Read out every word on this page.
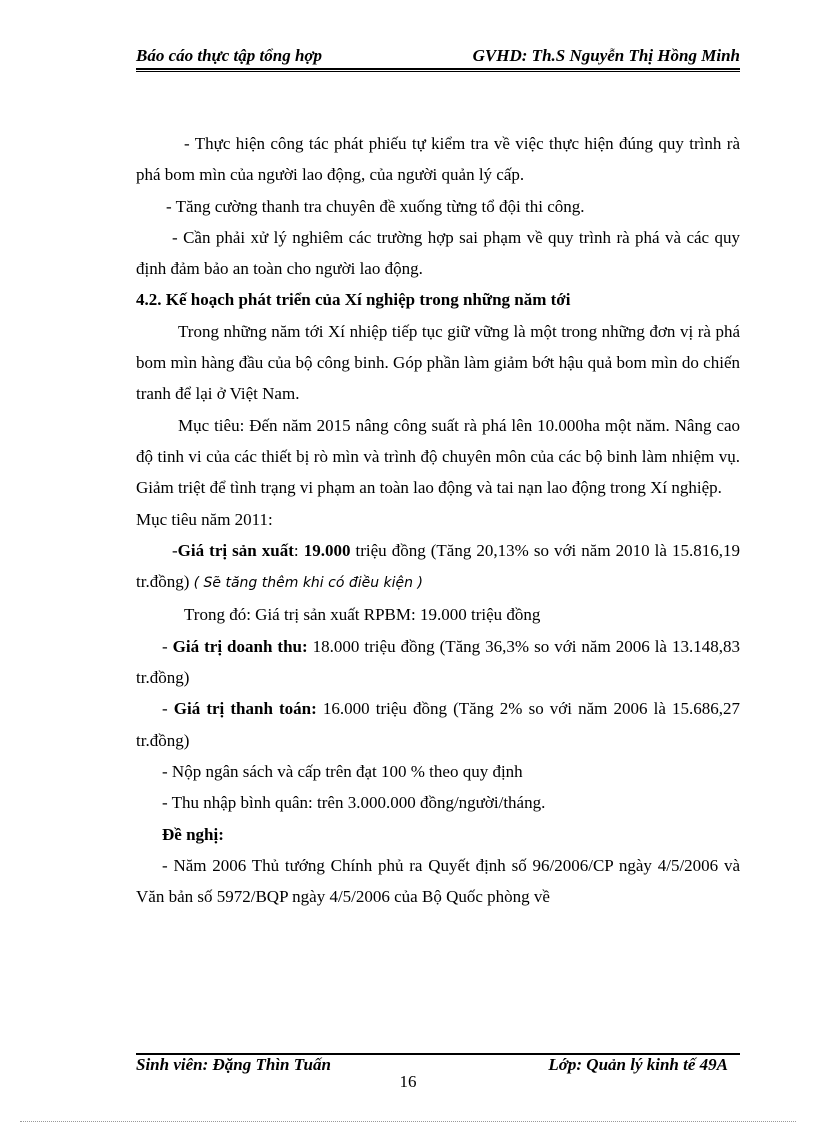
Báo cáo thực tập tổng hợp	GVHD: Th.S Nguyễn Thị Hồng Minh

- Thực hiện công tác phát phiếu tự kiểm tra về việc thực hiện đúng quy trình rà phá bom mìn của người lao động, của người quản lý cấp.

- Tăng cường thanh tra chuyên đề xuống từng tổ đội thi công.

- Cần phải xử lý nghiêm các trường hợp sai phạm về quy trình rà phá và các quy định đảm bảo an toàn cho người lao động.

4.2. Kế hoạch phát triển của Xí nghiệp trong những năm tới

Trong những năm tới Xí nhiệp tiếp tục giữ vững là một trong những đơn vị rà phá bom mìn hàng đầu của bộ công binh. Góp phần làm giảm bớt hậu quả bom mìn do chiến tranh để lại ở Việt Nam.

Mục tiêu: Đến năm 2015 nâng công suất rà phá lên 10.000ha một năm. Nâng cao độ tinh vi của các thiết bị rò mìn và trình độ chuyên môn của các bộ binh làm nhiệm vụ. Giảm triệt để tình trạng vi phạm an toàn lao động và tai nạn lao động trong Xí nghiệp.

Mục tiêu năm 2011:

-Giá trị sản xuất: 19.000 triệu đồng (Tăng 20,13% so với năm 2010 là 15.816,19 tr.đồng) ( Sẽ tăng thêm khi có điều kiện )

Trong đó: Giá trị sản xuất RPBM: 19.000 triệu đồng

- Giá trị doanh thu: 18.000 triệu đồng (Tăng 36,3% so với năm 2006 là 13.148,83 tr.đồng)

- Giá trị thanh toán: 16.000 triệu đồng (Tăng 2% so với năm 2006 là 15.686,27 tr.đồng)

- Nộp ngân sách và cấp trên đạt 100 % theo quy định

- Thu nhập bình quân: trên 3.000.000 đồng/người/tháng.

Đề nghị:

- Năm 2006 Thủ tướng Chính phủ ra Quyết định số 96/2006/CP ngày 4/5/2006 và Văn bản số 5972/BQP ngày 4/5/2006 của Bộ Quốc phòng về

Sinh viên: Đặng Thìn Tuấn	Lớp: Quản lý kinh tế 49A
16
